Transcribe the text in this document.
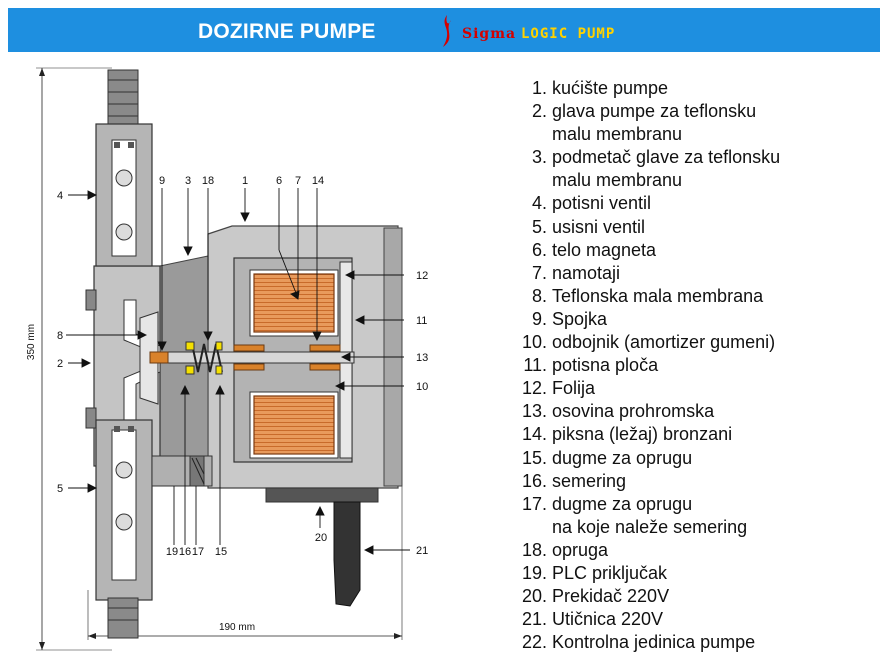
DOZIRNE PUMPE	Sigma LOGIC PUMP
350 mm
190 mm
4
2
5
8
9 3 18	1	6 7 14
12
11
13
10
19 16 17 15
20
21
1. kućište pumpe
2. glava pumpe za teflonsku
malu membranu
3. podmetač glave za teflonsku
malu membranu
4. potisni ventil
5. usisni ventil
6. telo magneta
7. namotaji
8. Teflonska mala membrana
9. Spojka
10. odbojnik (amortizer gumeni)
11. potisna ploča
12. Folija
13. osovina prohromska
14. piksna (ležaj) bronzani
15. dugme za oprugu
16. semering
17. dugme za oprugu
na koje naleže semering
18. opruga
19. PLC priključak
20. Prekidač 220V
21. Utičnica 220V
22. Kontrolna jedinica pumpe
